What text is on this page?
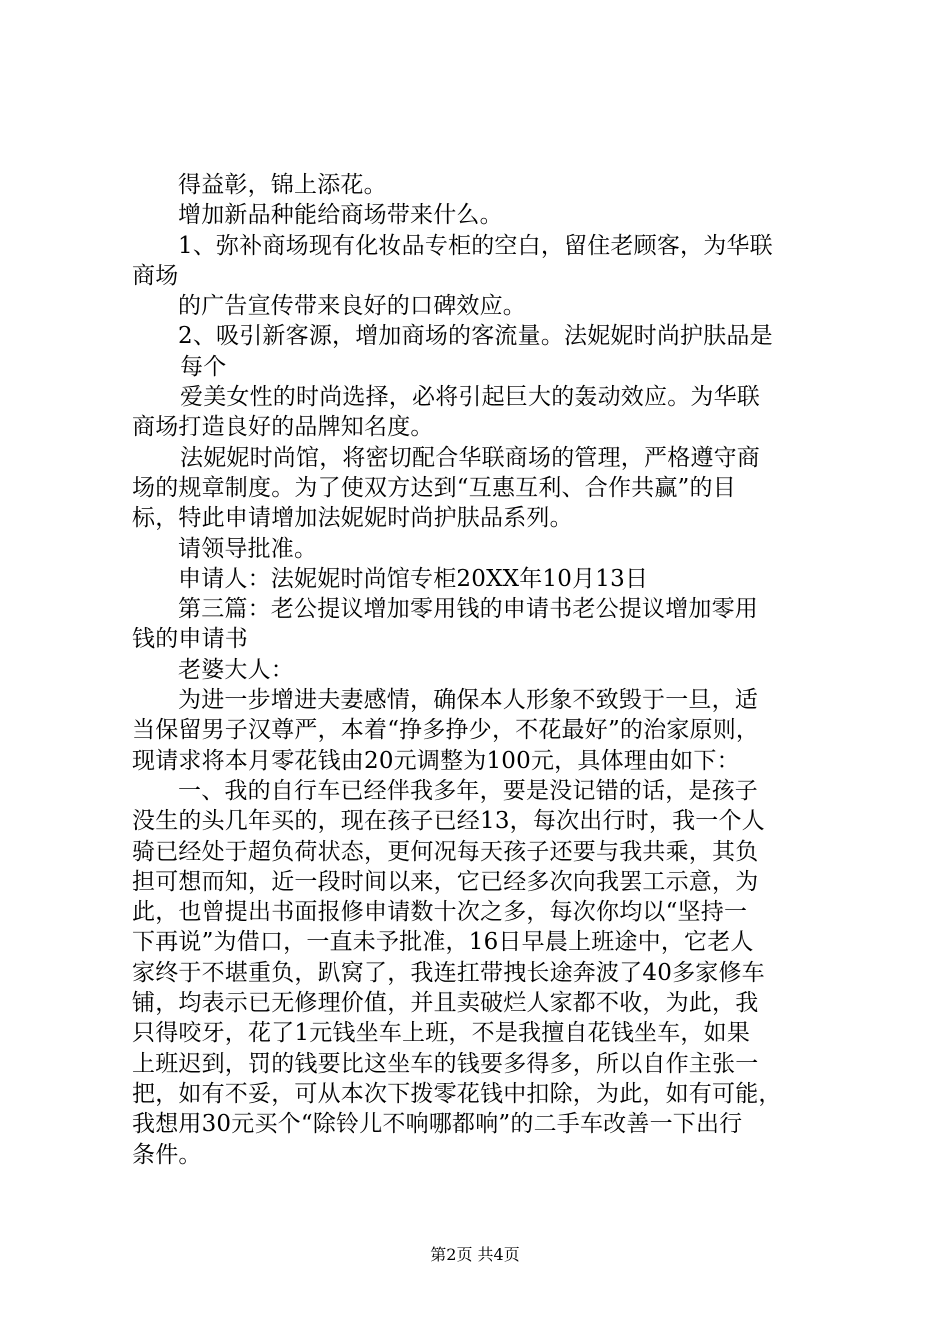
得益彰，锦上添花。
增加新品种能给商场带来什么。
1、弥补商场现有化妆品专柜的空白，留住老顾客，为华联
商场
的广告宣传带来良好的口碑效应。
2、吸引新客源，增加商场的客流量。法妮妮时尚护肤品是
每个
爱美女性的时尚选择，必将引起巨大的轰动效应。为华联
商场打造良好的品牌知名度。
法妮妮时尚馆，将密切配合华联商场的管理，严格遵守商
场的规章制度。为了使双方达到“互惠互利、合作共赢”的目
标，特此申请增加法妮妮时尚护肤品系列。
请领导批准。
申请人：法妮妮时尚馆专柜20XX年10月13日
第三篇：老公提议增加零用钱的申请书老公提议增加零用
钱的申请书
老婆大人：
为进一步增进夫妻感情，确保本人形象不致毁于一旦，适
当保留男子汉尊严，本着“挣多挣少，不花最好”的治家原则，
现请求将本月零花钱由20元调整为100元，具体理由如下：
一、我的自行车已经伴我多年，要是没记错的话，是孩子
没生的头几年买的，现在孩子已经13，每次出行时，我一个人
骑已经处于超负荷状态，更何况每天孩子还要与我共乘，其负
担可想而知，近一段时间以来，它已经多次向我罢工示意，为
此，也曾提出书面报修申请数十次之多，每次你均以“坚持一
下再说”为借口，一直未予批准，16日早晨上班途中，它老人
家终于不堪重负，趴窝了，我连扛带拽长途奔波了40多家修车
铺，均表示已无修理价值，并且卖破烂人家都不收，为此，我
只得咬牙，花了1元钱坐车上班，不是我擅自花钱坐车，如果
上班迟到，罚的钱要比这坐车的钱要多得多，所以自作主张一
把，如有不妥，可从本次下拨零花钱中扣除，为此，如有可能，
我想用30元买个“除铃儿不响哪都响”的二手车改善一下出行
条件。
第2页 共4页
